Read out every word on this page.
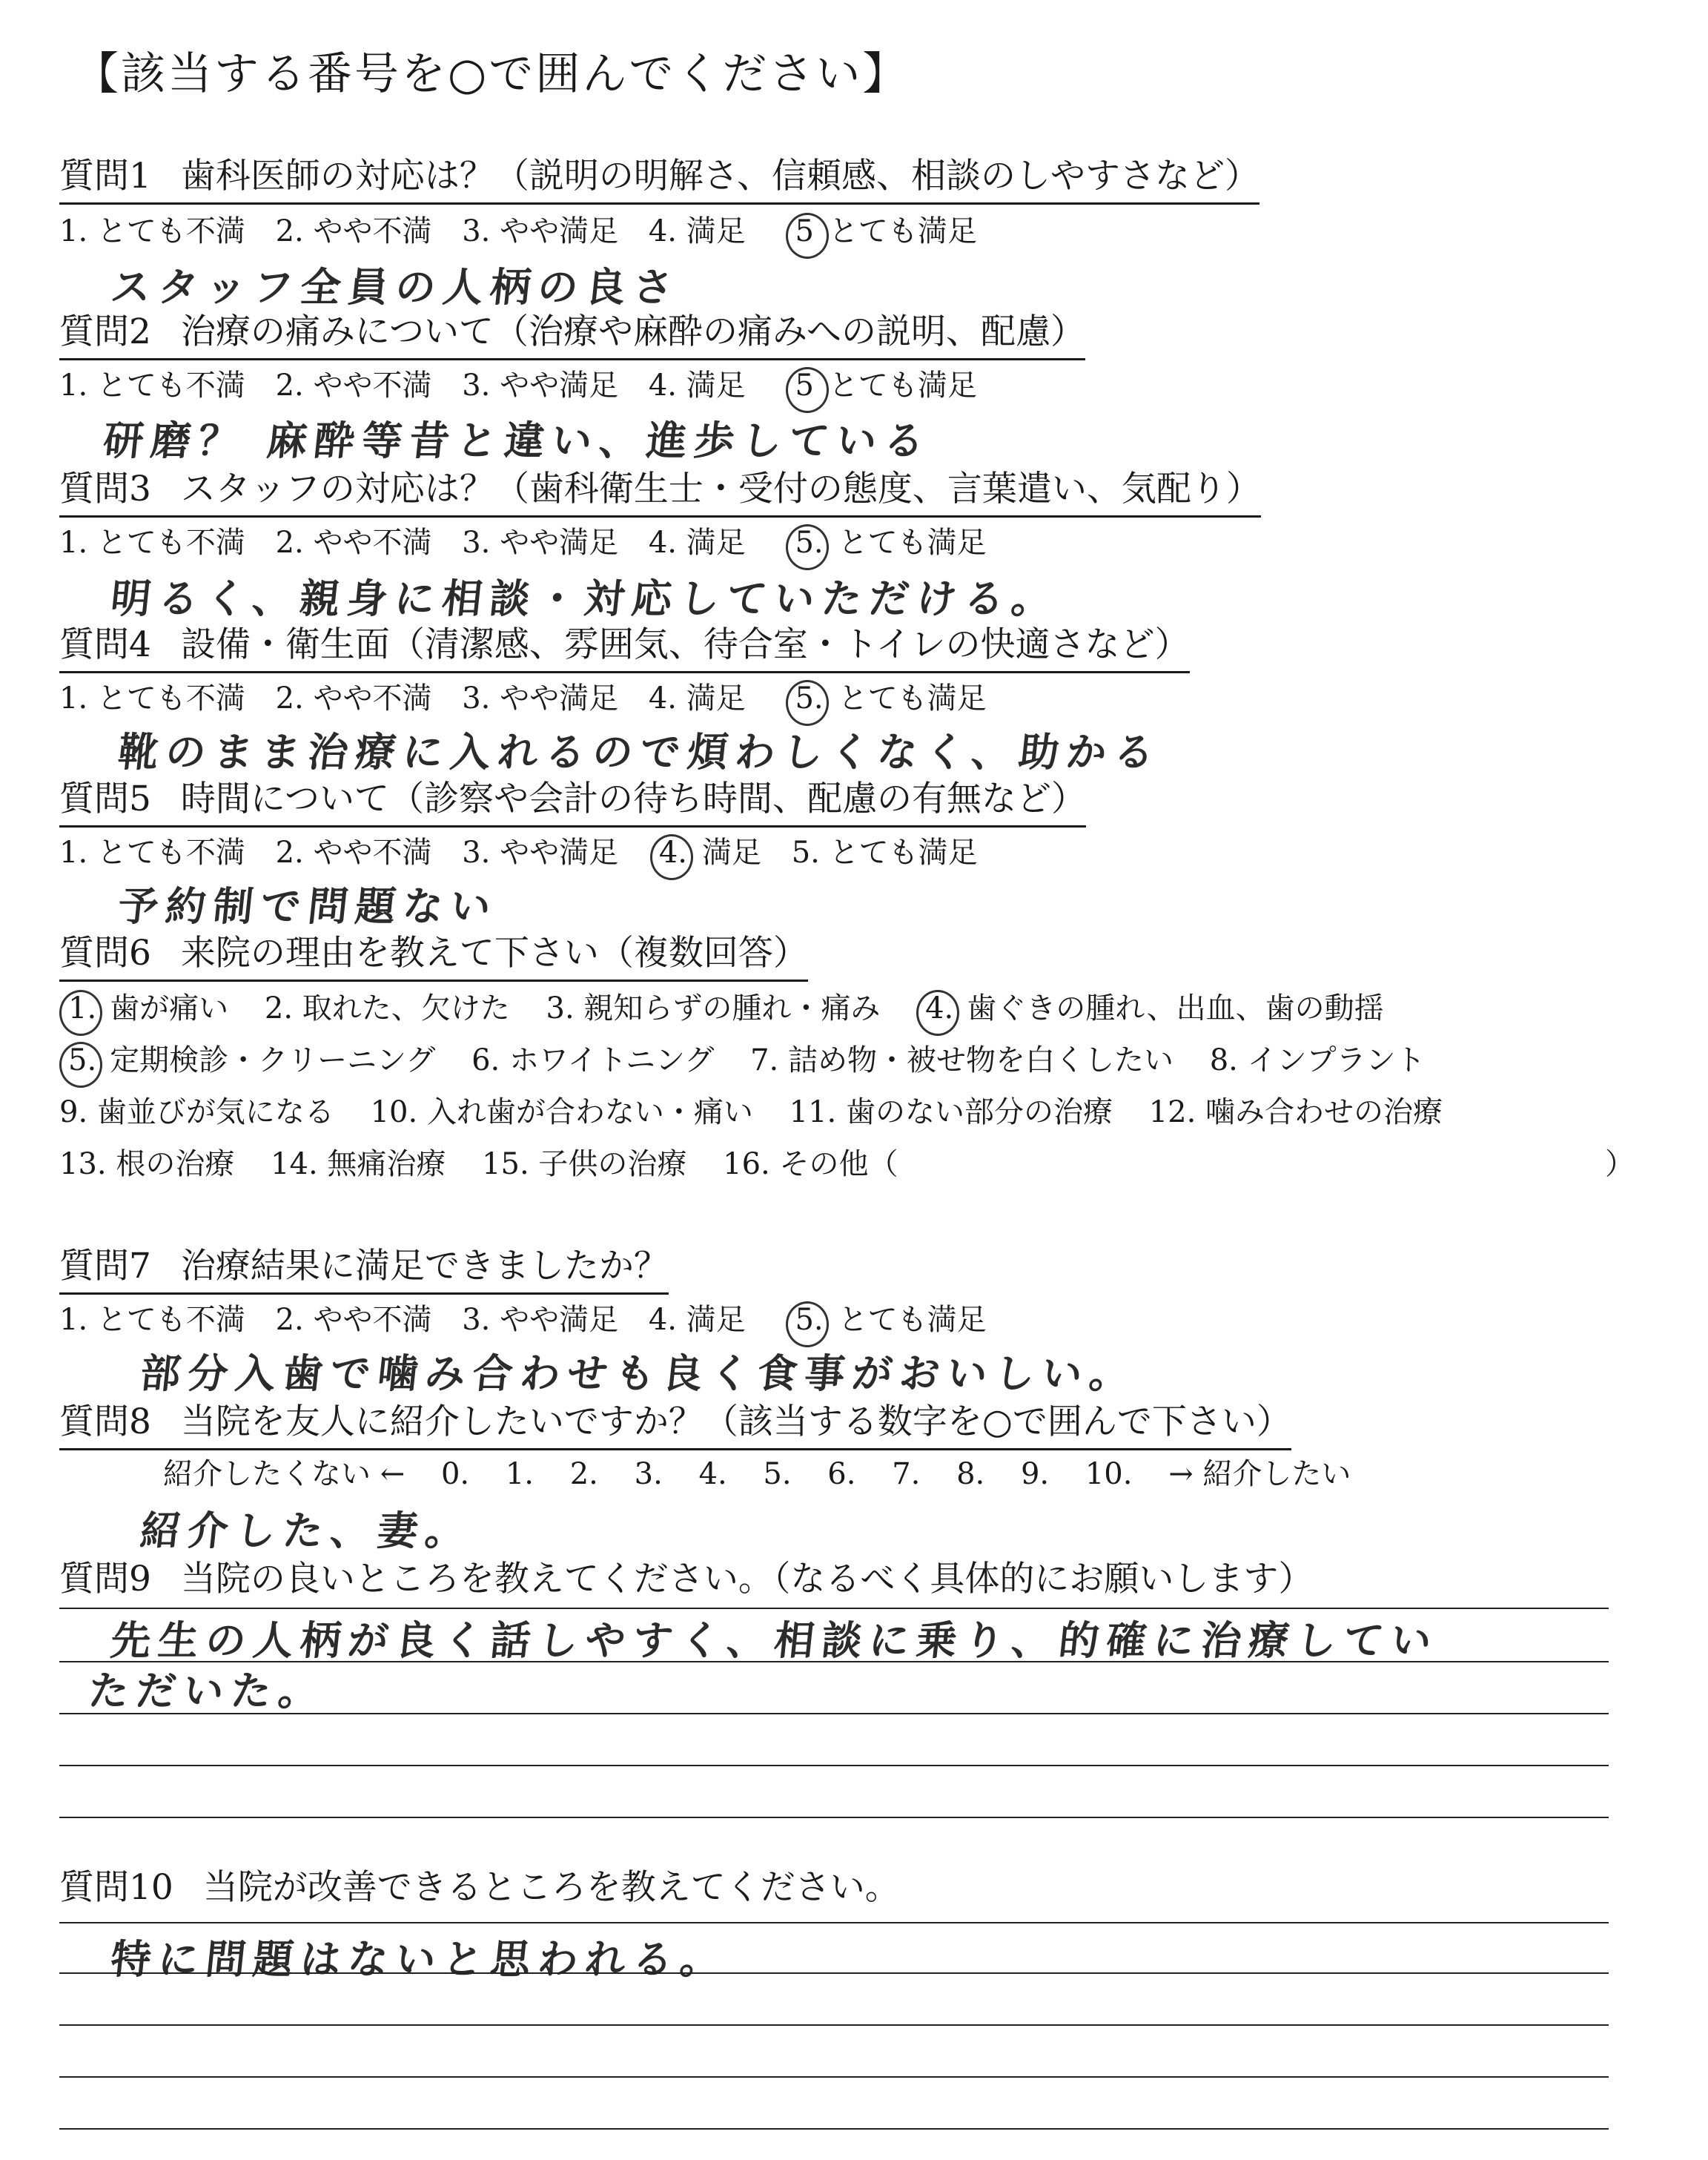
【該当する番号を○で囲んでください】
質問1 歯科医師の対応は？（説明の明解さ、信頼感、相談のしやすさなど）
1. とても不満 2. やや不満 3. やや満足 4. 満足 5 とても満足
スタッフ全員の人柄の良さ
質問2 治療の痛みについて（治療や麻酔の痛みへの説明、配慮）
1. とても不満 2. やや不満 3. やや満足 4. 満足 5 とても満足
研磨？ 麻酔等昔と違い、進歩している
質問3 スタッフの対応は？（歯科衛生士・受付の態度、言葉遣い、気配り）
1. とても不満 2. やや不満 3. やや満足 4. 満足 5. とても満足
明るく、親身に相談・対応していただける。
質問4 設備・衛生面（清潔感、雰囲気、待合室・トイレの快適さなど）
1. とても不満 2. やや不満 3. やや満足 4. 満足 5. とても満足
靴のまま治療に入れるので煩わしくなく、助かる
質問5 時間について（診察や会計の待ち時間、配慮の有無など）
1. とても不満 2. やや不満 3. やや満足 4. 満足 5. とても満足
予約制で問題ない
質問6 来院の理由を教えて下さい（複数回答）
1. 歯が痛い 2. 取れた、欠けた 3. 親知らずの腫れ・痛み 4. 歯ぐきの腫れ、出血、歯の動揺
5. 定期検診・クリーニング 6. ホワイトニング 7. 詰め物・被せ物を白くしたい 8. インプラント
9. 歯並びが気になる 10. 入れ歯が合わない・痛い 11. 歯のない部分の治療 12. 噛み合わせの治療
13. 根の治療 14. 無痛治療 15. 子供の治療 16. その他（	）
質問7 治療結果に満足できましたか？
1. とても不満 2. やや不満 3. やや満足 4. 満足 5. とても満足
部分入歯で噛み合わせも良く食事がおいしい。
質問8 当院を友人に紹介したいですか？（該当する数字を○で囲んで下さい）
紹介したくない ← 0. 1. 2. 3. 4. 5. 6. 7. 8. 9. 10. → 紹介したい
紹介した、妻。
質問9 当院の良いところを教えてください。（なるべく具体的にお願いします）
先生の人柄が良く話しやすく、相談に乗り、的確に治療してい
ただいた。
質問10 当院が改善できるところを教えてください。
特に問題はないと思われる。
